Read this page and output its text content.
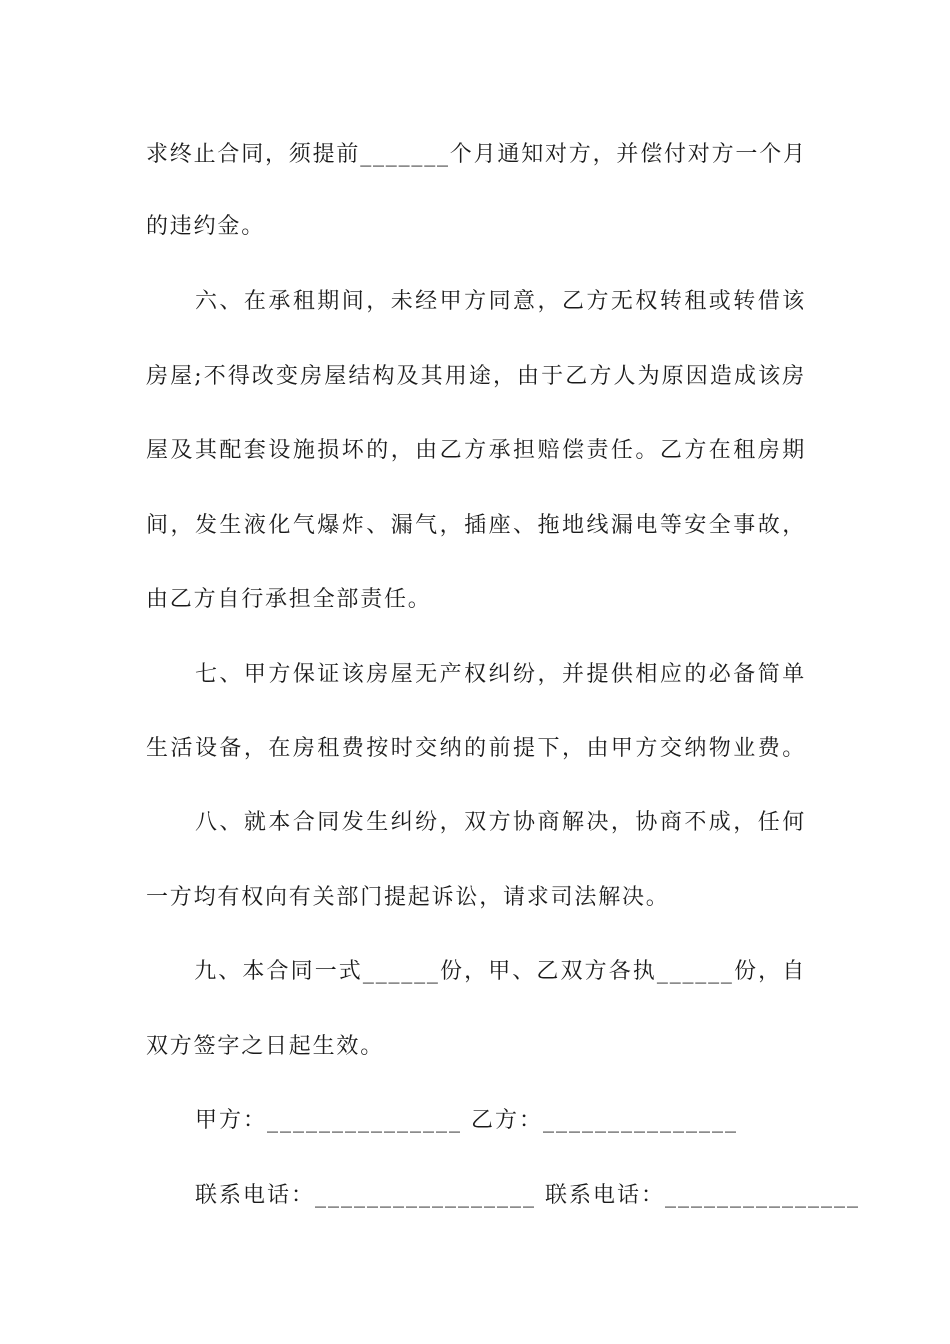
求终止合同，须提前_______个月通知对方，并偿付对方一个月
的违约金。
　　六、在承租期间，未经甲方同意，乙方无权转租或转借该
房屋;不得改变房屋结构及其用途，由于乙方人为原因造成该房
屋及其配套设施损坏的，由乙方承担赔偿责任。乙方在租房期
间，发生液化气爆炸、漏气，插座、拖地线漏电等安全事故，
由乙方自行承担全部责任。
　　七、甲方保证该房屋无产权纠纷，并提供相应的必备简单
生活设备，在房租费按时交纳的前提下，由甲方交纳物业费。
　　八、就本合同发生纠纷，双方协商解决，协商不成，任何
一方均有权向有关部门提起诉讼，请求司法解决。
　　九、本合同一式______份，甲、乙双方各执______份，自
双方签字之日起生效。
甲方：_______________ 乙方：_______________
联系电话：_________________ 联系电话：_______________
